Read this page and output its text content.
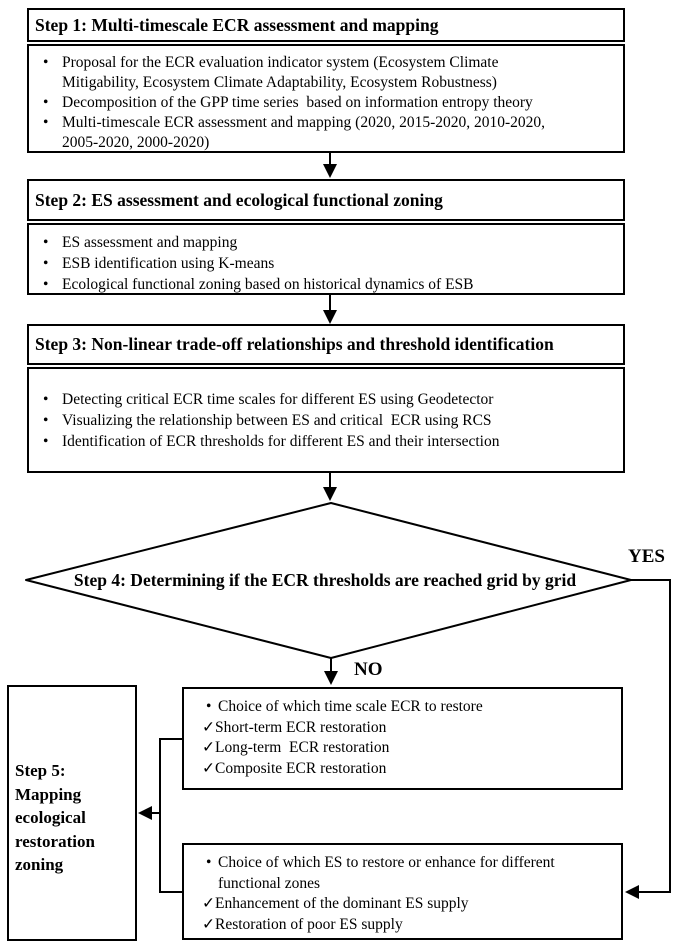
Step 1: Multi-timescale ECR assessment and mapping
• Proposal for the ECR evaluation indicator system (Ecosystem Climate
Mitigability, Ecosystem Climate Adaptability, Ecosystem Robustness)
• Decomposition of the GPP time series  based on information entropy theory
• Multi-timescale ECR assessment and mapping (2020, 2015-2020, 2010-2020,
2005-2020, 2000-2020)
Step 2: ES assessment and ecological functional zoning
• ES assessment and mapping
• ESB identification using K-means
• Ecological functional zoning based on historical dynamics of ESB
Step 3: Non-linear trade-off relationships and threshold identification
• Detecting critical ECR time scales for different ES using Geodetector
• Visualizing the relationship between ES and critical  ECR using RCS
• Identification of ECR thresholds for different ES and their intersection
Step 4: Determining if the ECR thresholds are reached grid by grid
YES
NO
• Choice of which time scale ECR to restore
✓ Short-term ECR restoration
✓ Long-term  ECR restoration
✓ Composite ECR restoration
• Choice of which ES to restore or enhance for different
functional zones
✓ Enhancement of the dominant ES supply
✓ Restoration of poor ES supply
Step 5:
Mapping
ecological
restoration
zoning
